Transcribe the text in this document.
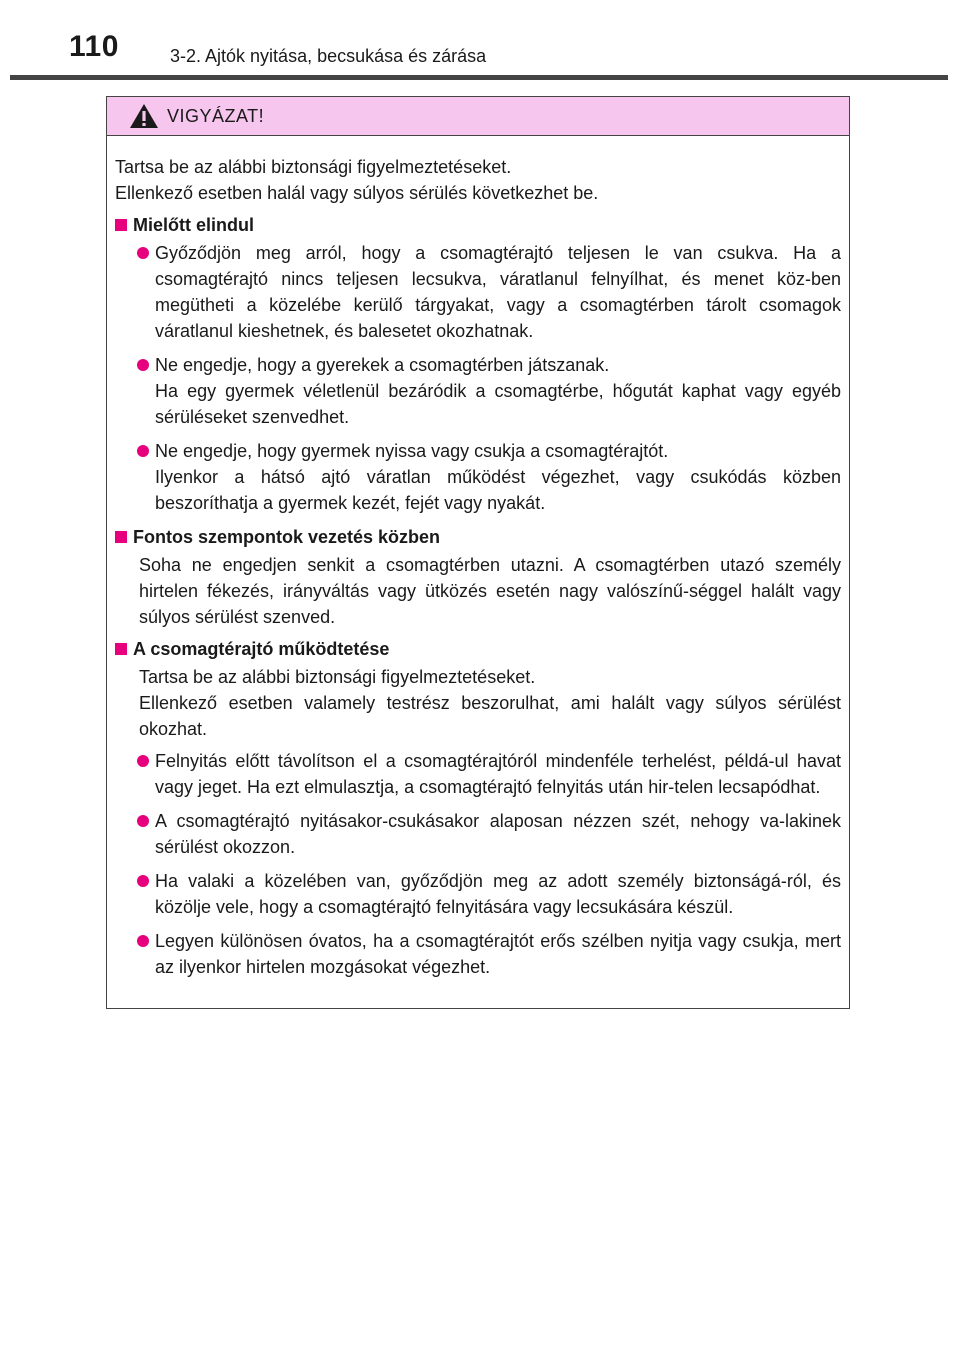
110	3-2. Ajtók nyitása, becsukása és zárása
VIGYÁZAT!

Tartsa be az alábbi biztonsági figyelmeztetéseket.

Ellenkező esetben halál vagy súlyos sérülés következhet be.

Mielőtt elindul

Győződjön meg arról, hogy a csomagtérajtó teljesen le van csukva. Ha a csomagtérajtó nincs teljesen lecsukva, váratlanul felnyílhat, és menet köz-ben megütheti a közelébe kerülő tárgyakat, vagy a csomagtérben tárolt csomagok váratlanul kieshetnek, és balesetet okozhatnak.

Ne engedje, hogy a gyerekek a csomagtérben játszanak.

Ha egy gyermek véletlenül bezáródik a csomagtérbe, hőgutát kaphat vagy egyéb sérüléseket szenvedhet.

Ne engedje, hogy gyermek nyissa vagy csukja a csomagtérajtót.

Ilyenkor a hátsó ajtó váratlan működést végezhet, vagy csukódás közben beszoríthatja a gyermek kezét, fejét vagy nyakát.

Fontos szempontok vezetés közben

Soha ne engedjen senkit a csomagtérben utazni. A csomagtérben utazó személy hirtelen fékezés, irányváltás vagy ütközés esetén nagy valószínű-séggel halált vagy súlyos sérülést szenved.

A csomagtérajtó működtetése

Tartsa be az alábbi biztonsági figyelmeztetéseket.

Ellenkező esetben valamely testrész beszorulhat, ami halált vagy súlyos sérülést okozhat.

Felnyitás előtt távolítson el a csomagtérajtóról mindenféle terhelést, példá-ul havat vagy jeget. Ha ezt elmulasztja, a csomagtérajtó felnyitás után hir-telen lecsapódhat.

A csomagtérajtó nyitásakor-csukásakor alaposan nézzen szét, nehogy va-lakinek sérülést okozzon.

Ha valaki a közelében van, győződjön meg az adott személy biztonságá-ról, és közölje vele, hogy a csomagtérajtó felnyitására vagy lecsukására készül.

Legyen különösen óvatos, ha a csomagtérajtót erős szélben nyitja vagy csukja, mert az ilyenkor hirtelen mozgásokat végezhet.
